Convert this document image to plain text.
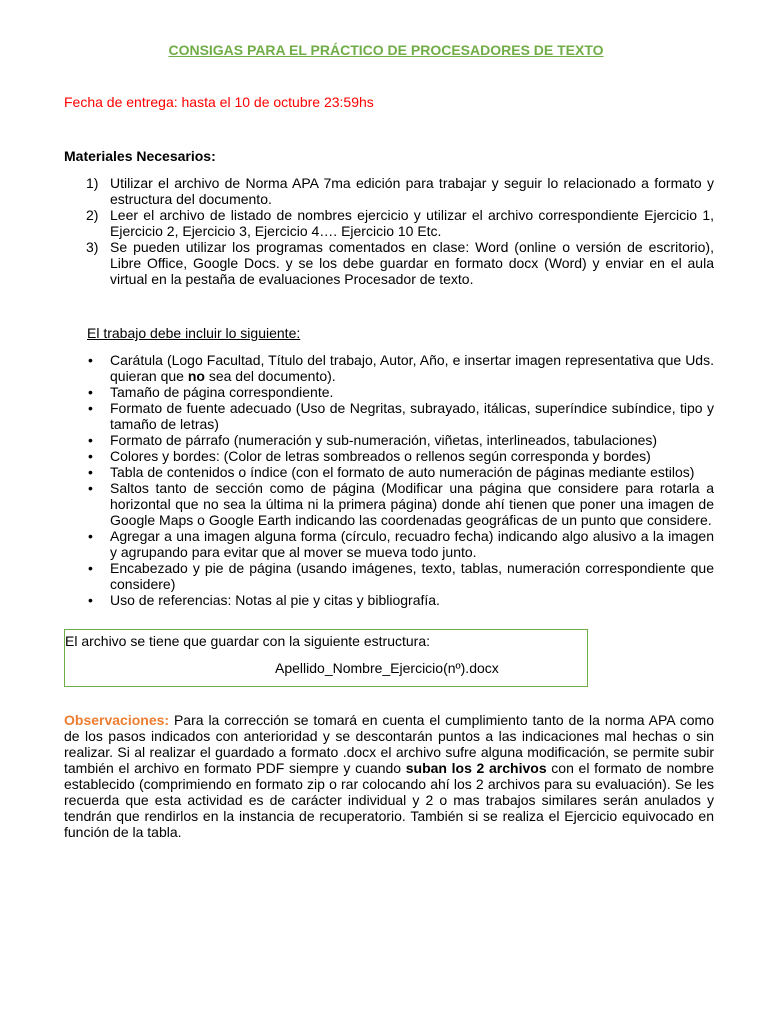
CONSIGAS PARA EL PRÁCTICO DE PROCESADORES DE TEXTO
Fecha de entrega: hasta el 10 de octubre 23:59hs
Materiales Necesarios:
1) Utilizar el archivo de Norma APA 7ma edición para trabajar y seguir lo relacionado a formato y estructura del documento.
2) Leer el archivo de listado de nombres ejercicio y utilizar el archivo correspondiente Ejercicio 1, Ejercicio 2, Ejercicio 3, Ejercicio 4…. Ejercicio 10 Etc.
3) Se pueden utilizar los programas comentados en clase: Word (online o versión de escritorio), Libre Office, Google Docs. y se los debe guardar en formato docx (Word) y enviar en el aula virtual en la pestaña de evaluaciones Procesador de texto.
El trabajo debe incluir lo siguiente:
• Carátula (Logo Facultad, Título del trabajo, Autor, Año, e insertar imagen representativa que Uds. quieran que no sea del documento).
• Tamaño de página correspondiente.
• Formato de fuente adecuado (Uso de Negritas, subrayado, itálicas, superíndice subíndice, tipo y tamaño de letras)
• Formato de párrafo (numeración y sub-numeración, viñetas, interlineados, tabulaciones)
• Colores y bordes: (Color de letras sombreados o rellenos según corresponda y bordes)
• Tabla de contenidos o índice (con el formato de auto numeración de páginas mediante estilos)
• Saltos tanto de sección como de página (Modificar una página que considere para rotarla a horizontal que no sea la última ni la primera página) donde ahí tienen que poner una imagen de Google Maps o Google Earth indicando las coordenadas geográficas de un punto que considere.
• Agregar a una imagen alguna forma (círculo, recuadro fecha) indicando algo alusivo a la imagen y agrupando para evitar que al mover se mueva todo junto.
• Encabezado y pie de página (usando imágenes, texto, tablas, numeración correspondiente que considere)
• Uso de referencias: Notas al pie y citas y bibliografía.
El archivo se tiene que guardar con la siguiente estructura:
Apellido_Nombre_Ejercicio(nº).docx
Observaciones: Para la corrección se tomará en cuenta el cumplimiento tanto de la norma APA como de los pasos indicados con anterioridad y se descontarán puntos a las indicaciones mal hechas o sin realizar. Si al realizar el guardado a formato .docx el archivo sufre alguna modificación, se permite subir también el archivo en formato PDF siempre y cuando suban los 2 archivos con el formato de nombre establecido (comprimiendo en formato zip o rar colocando ahí los 2 archivos para su evaluación). Se les recuerda que esta actividad es de carácter individual y 2 o mas trabajos similares serán anulados y tendrán que rendirlos en la instancia de recuperatorio. También si se realiza el Ejercicio equivocado en función de la tabla.
